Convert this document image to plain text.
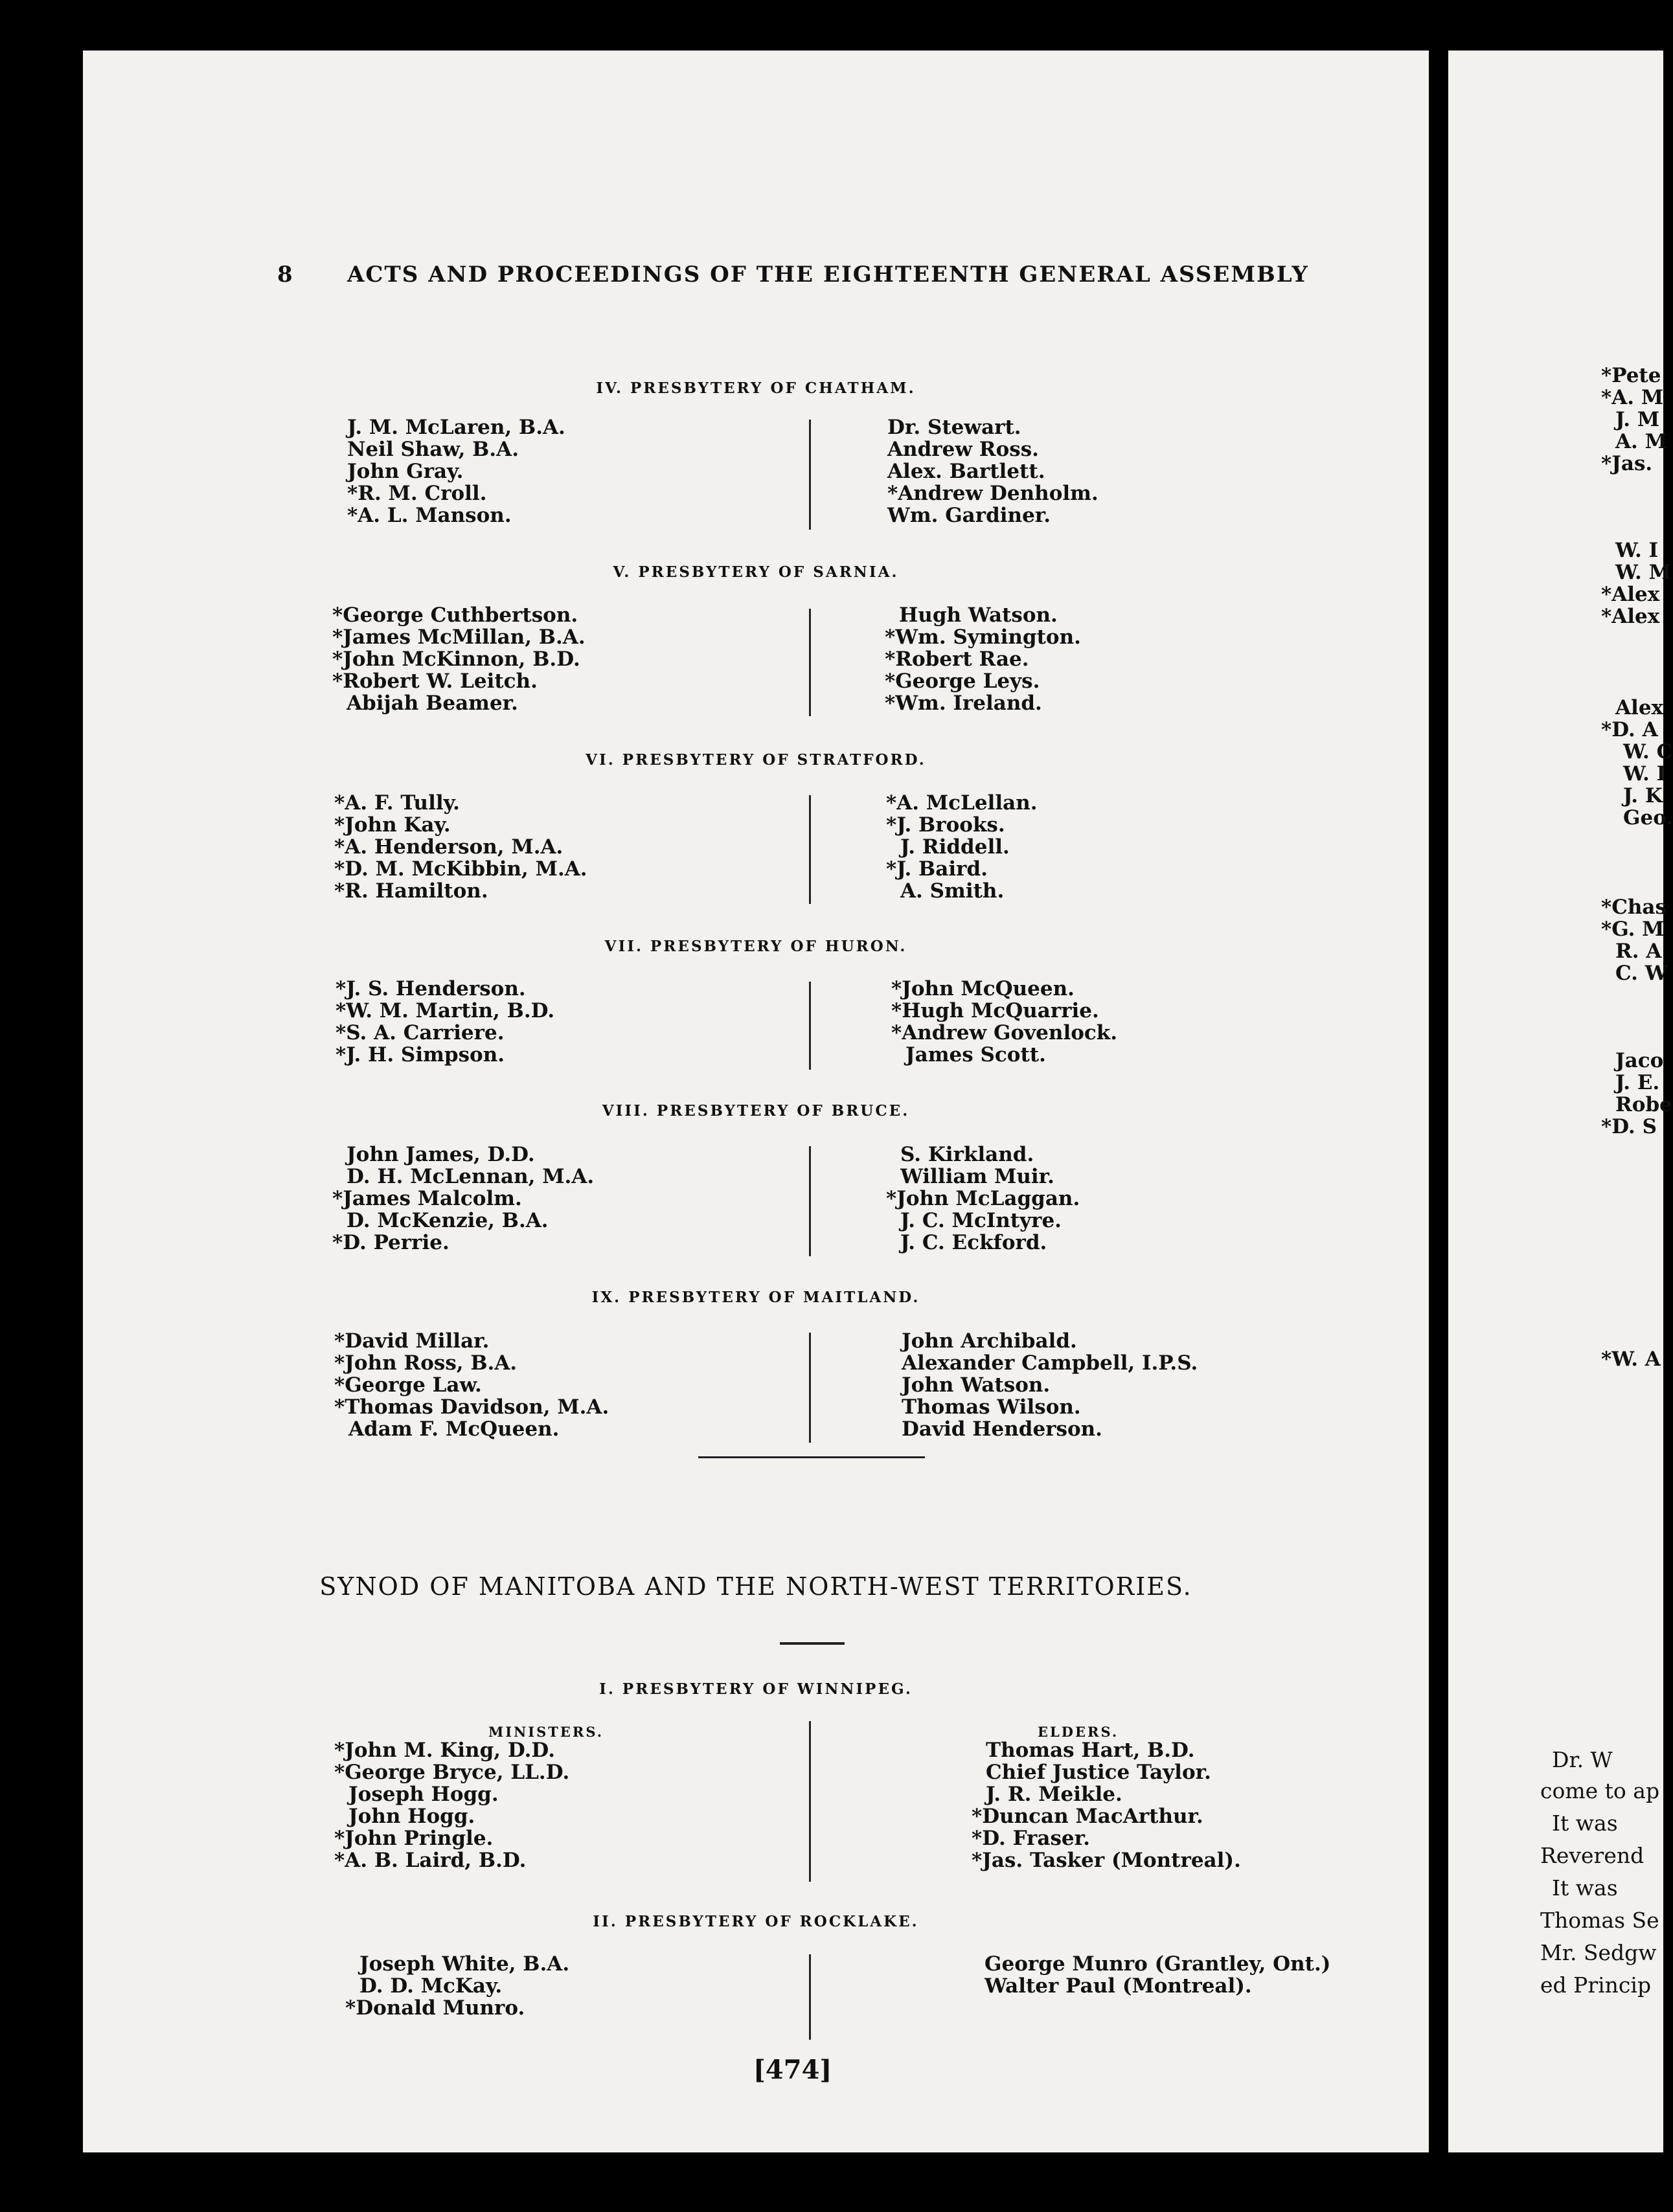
8 ACTS AND PROCEEDINGS OF THE EIGHTEENTH GENERAL ASSEMBLY
IV. PRESBYTERY OF CHATHAM.
J. M. McLaren, B.A.
Neil Shaw, B.A.
John Gray.
*R. M. Croll.
*A. L. Manson.
Dr. Stewart.
Andrew Ross.
Alex. Bartlett.
*Andrew Denholm.
Wm. Gardiner.
V. PRESBYTERY OF SARNIA.
*George Cuthbertson.
*James McMillan, B.A.
*John McKinnon, B.D.
*Robert W. Leitch.
Abijah Beamer.
Hugh Watson.
*Wm. Symington.
*Robert Rae.
*George Leys.
*Wm. Ireland.
VI. PRESBYTERY OF STRATFORD.
*A. F. Tully.
*John Kay.
*A. Henderson, M.A.
*D. M. McKibbin, M.A.
*R. Hamilton.
*A. McLellan.
*J. Brooks.
J. Riddell.
*J. Baird.
A. Smith.
VII. PRESBYTERY OF HURON.
*J. S. Henderson.
*W. M. Martin, B.D.
*S. A. Carriere.
*J. H. Simpson.
*John McQueen.
*Hugh McQuarrie.
*Andrew Govenlock.
James Scott.
VIII. PRESBYTERY OF BRUCE.
John James, D.D.
D. H. McLennan, M.A.
*James Malcolm.
D. McKenzie, B.A.
*D. Perrie.
S. Kirkland.
William Muir.
*John McLaggan.
J. C. McIntyre.
J. C. Eckford.
IX. PRESBYTERY OF MAITLAND.
*David Millar.
*John Ross, B.A.
*George Law.
*Thomas Davidson, M.A.
Adam F. McQueen.
John Archibald.
Alexander Campbell, I.P.S.
John Watson.
Thomas Wilson.
David Henderson.
SYNOD OF MANITOBA AND THE NORTH-WEST TERRITORIES.
I. PRESBYTERY OF WINNIPEG.
MINISTERS.	ELDERS.
*John M. King, D.D.
*George Bryce, LL.D.
Joseph Hogg.
John Hogg.
*John Pringle.
*A. B. Laird, B.D.
Thomas Hart, B.D.
Chief Justice Taylor.
J. R. Meikle.
*Duncan MacArthur.
*D. Fraser.
*Jas. Tasker (Montreal).
II. PRESBYTERY OF ROCKLAKE.
Joseph White, B.A.
D. D. McKay.
*Donald Munro.
George Munro (Grantley, Ont.)
Walter Paul (Montreal).
[474]
*Pete
*A. M
J. M
A. M
*Jas.
W. I
W. M
*Alex
*Alex
Alex
*D. A
W. C
W. I
J. K
Geo.
*Chas
*G. M
R. A
C. W
Jaco
J. E.
Robe
*D. S
*W. A
Dr. W
come to ap
It was
Reverend
It was
Thomas Se
Mr. Sedgw
ed Princip
